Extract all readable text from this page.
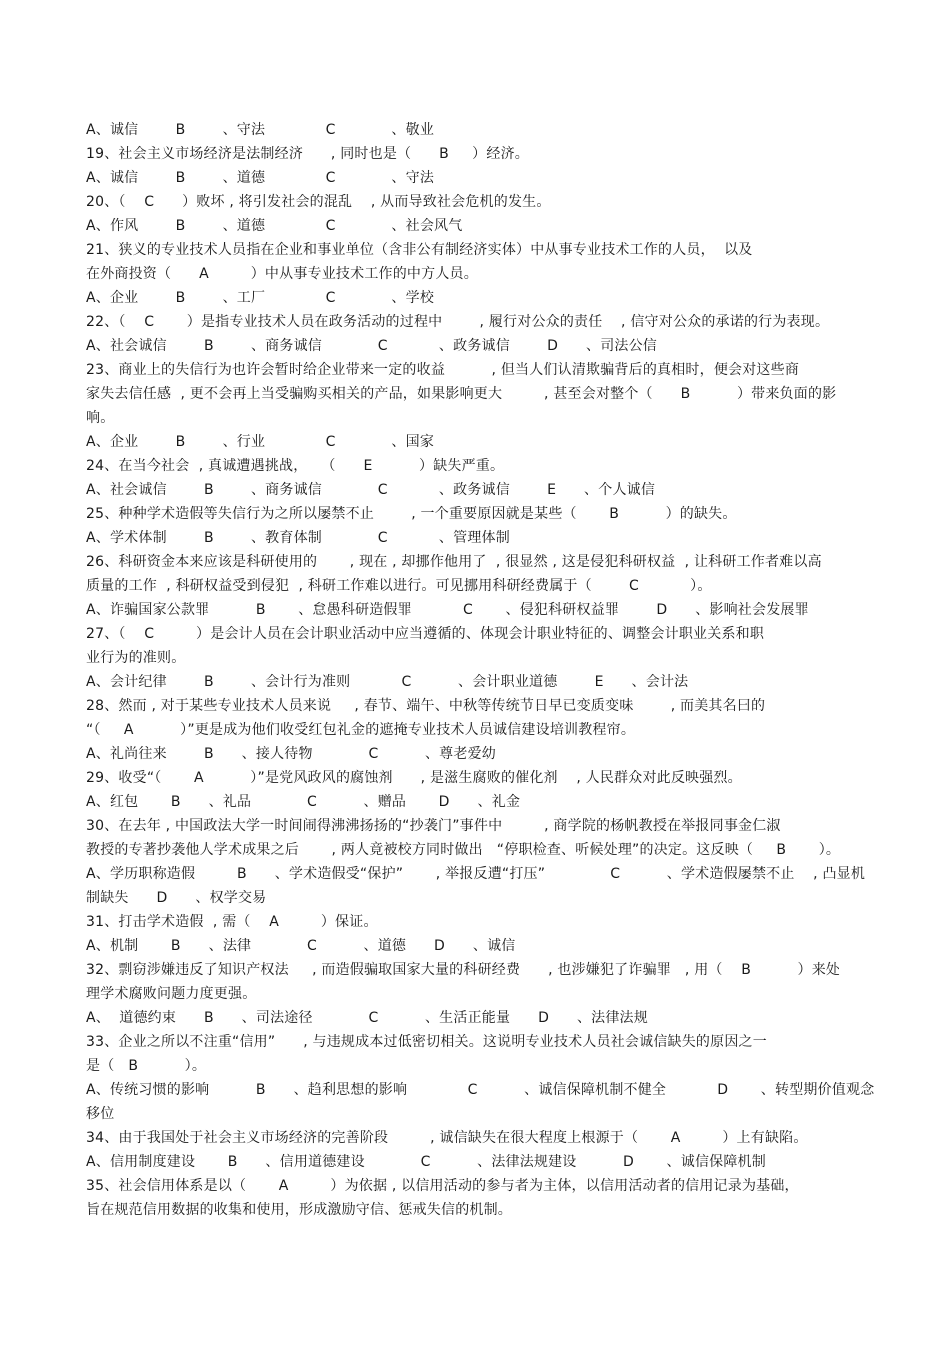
A、诚信        B        、守法             C            、敬业
19、社会主义市场经济是法制经济      , 同时也是（      B     ）经济。
A、诚信        B        、道德             C            、守法
20、（    C      ）败坏 , 将引发社会的混乱    , 从而导致社会危机的发生。
A、作风        B        、道德             C            、社会风气
21、狭义的专业技术人员指在企业和事业单位（含非公有制经济实体）中从事专业技术工作的人员，  以及
在外商投资（      A         ）中从事专业技术工作的中方人员。
A、企业        B        、工厂             C            、学校
22、（    C       ）是指专业技术人员在政务活动的过程中        , 履行对公众的责任    , 信守对公众的承诺的行为表现。
A、社会诚信        B        、商务诚信            C           、政务诚信        D      、司法公信
23、商业上的失信行为也许会暂时给企业带来一定的收益          , 但当人们认清欺骗背后的真相时，便会对这些商
家失去信任感  , 更不会再上当受骗购买相关的产品，如果影响更大         , 甚至会对整个（      B          ）带来负面的影
响。
A、企业        B        、行业             C            、国家
24、在当今社会  , 真诚遭遇挑战，   （      E          ）缺失严重。
A、社会诚信        B        、商务诚信            C           、政务诚信        E      、个人诚信
25、种种学术造假等失信行为之所以屡禁不止        , 一个重要原因就是某些（       B          ）的缺失。
A、学术体制        B        、教育体制            C           、管理体制
26、科研资金本来应该是科研使用的       , 现在 , 却挪作他用了  , 很显然 , 这是侵犯科研权益  , 让科研工作者难以高
质量的工作  , 科研权益受到侵犯  , 科研工作难以进行。可见挪用科研经费属于（        C           ）。
A、诈骗国家公款罪          B       、怠愚科研造假罪           C       、侵犯科研权益罪        D      、影响社会发展罪
27、（    C         ）是会计人员在会计职业活动中应当遵循的、体现会计职业特征的、调整会计职业关系和职
业行为的准则。
A、会计纪律        B        、会计行为准则           C          、会计职业道德        E      、会计法
28、然而 , 对于某些专业技术人员来说     , 春节、端午、中秋等传统节日早已变质变味        , 而美其名曰的
“（     A          ）”更是成为他们收受红包礼金的遮掩专业技术人员诚信建设培训教程帘。
A、礼尚往来        B      、接人待物            C          、尊老爱幼
29、收受“（       A          ）”是党风政风的腐蚀剂      , 是滋生腐败的催化剂    , 人民群众对此反映强烈。
A、红包       B      、礼品            C          、赠品       D      、礼金
30、在去年 , 中国政法大学一时间闹得沸沸扬扬的“抄袭门”事件中         , 商学院的杨帆教授在举报同事金仁淑
教授的专著抄袭他人学术成果之后       , 两人竟被校方同时做出   “停职检查、听候处理”的决定。这反映（     B       ）。
A、学历职称造假         B      、学术造假受“保护”       , 举报反遭“打压”              C          、学术造假屡禁不止    , 凸显机
制缺失      D      、权学交易
31、打击学术造假  , 需（    A         ）保证。
A、机制       B      、法律            C          、道德      D      、诚信
32、剽窃涉嫌违反了知识产权法     , 而造假骗取国家大量的科研经费      , 也涉嫌犯了诈骗罪   , 用（    B          ）来处
理学术腐败问题力度更强。
A、  道德约束      B      、司法途径            C          、生活正能量      D      、法律法规
33、企业之所以不注重“信用”      , 与违规成本过低密切相关。这说明专业技术人员社会诚信缺失的原因之一
是（   B          ）。
A、传统习惯的影响          B      、趋利思想的影响             C          、诚信保障机制不健全           D       、转型期价值观念
移位
34、由于我国处于社会主义市场经济的完善阶段         , 诚信缺失在很大程度上根源于（       A         ）上有缺陷。
A、信用制度建设       B      、信用道德建设            C          、法律法规建设          D       、诚信保障机制
35、社会信用体系是以（       A         ）为依据 , 以信用活动的参与者为主体，以信用活动者的信用记录为基础，
旨在规范信用数据的收集和使用，形成激励守信、惩戒失信的机制。
